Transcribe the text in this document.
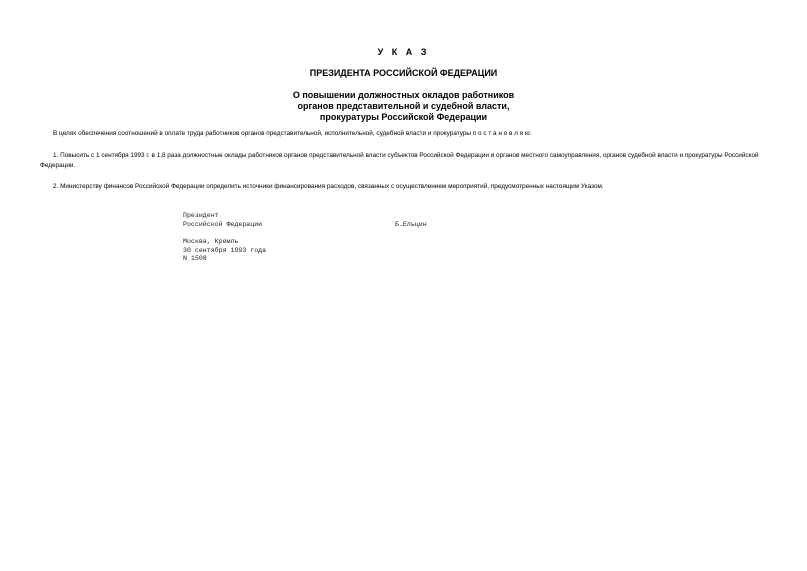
У К А З
ПРЕЗИДЕНТА РОССИЙСКОЙ ФЕДЕРАЦИИ
О повышении должностных окладов работников
органов представительной и судебной власти,
прокуратуры Российской Федерации

В целях обеспечения соотношений в оплате труда работников органов представительной, исполнительной, судебной власти и прокуратуры п о с т а н о в л я ю:

1. Повысить с 1 сентября 1993 г. в 1,8 раза должностные оклады работников органов представительной власти субъектов Российской Федерации и органов местного самоуправления, органов судебной власти и прокуратуры Российской Федерации.

2. Министерству финансов Российской Федерации определить источники финансирования расходов, связанных с осуществлением мероприятий, предусмотренных настоящим Указом.

Президент
Российской Федерации	Б.Ельцин
Москва, Кремль
30 сентября 1993 года
N 1508
